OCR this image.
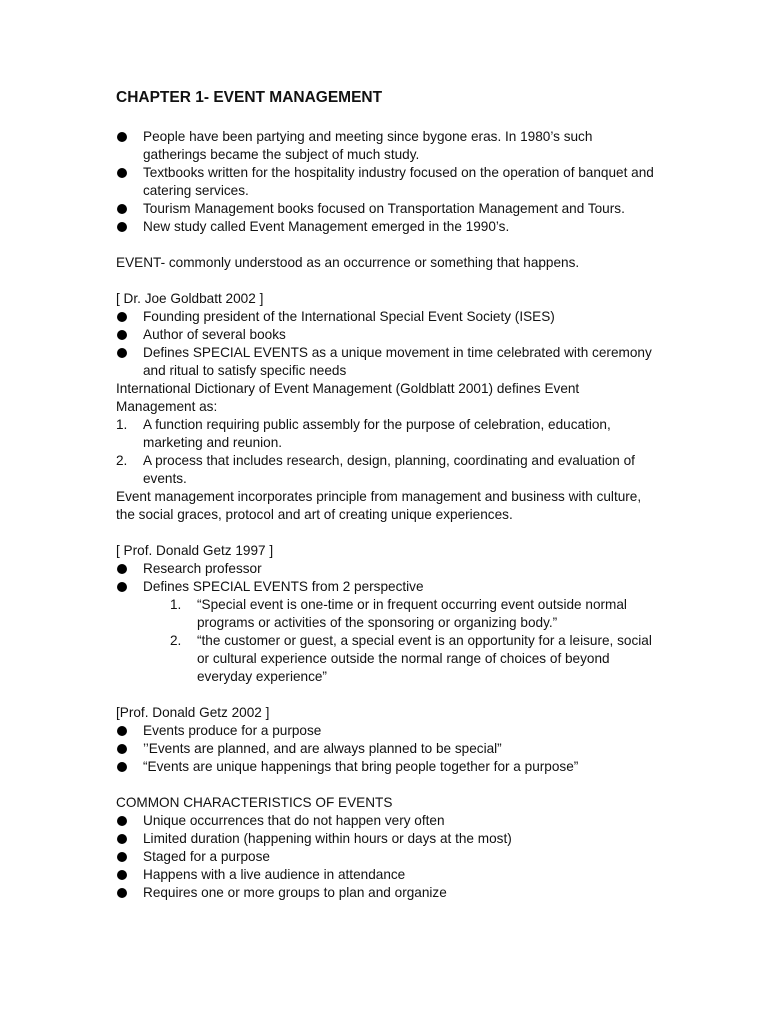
CHAPTER 1- EVENT MANAGEMENT
People have been partying and meeting since bygone eras. In 1980’s such gatherings became the subject of much study.
Textbooks written for the hospitality industry focused on the operation of banquet and catering services.
Tourism Management books focused on Transportation Management and Tours.
New study called Event Management emerged in the 1990’s.

EVENT- commonly understood as an occurrence or something that happens.

[ Dr. Joe Goldbatt 2002 ]

Founding president of the International Special Event Society (ISES)
Author of several books
Defines SPECIAL EVENTS as a unique movement in time celebrated with ceremony and ritual to satisfy specific needs

International Dictionary of Event Management (Goldblatt 2001) defines Event Management as:

1. A function requiring public assembly for the purpose of celebration, education, marketing and reunion.
2. A process that includes research, design, planning, coordinating and evaluation of events.

Event management incorporates principle from management and business with culture, the social graces, protocol and art of creating unique experiences.

[ Prof. Donald Getz 1997 ]

Research professor
Defines SPECIAL EVENTS from 2 perspective
1. “Special event is one-time or in frequent occurring event outside normal programs or activities of the sponsoring or organizing body.”
2. “the customer or guest, a special event is an opportunity for a leisure, social or cultural experience outside the normal range of choices of beyond everyday experience”

[Prof. Donald Getz 2002 ]

Events produce for a purpose
’’Events are planned, and are always planned to be special”
“Events are unique happenings that bring people together for a purpose”

COMMON CHARACTERISTICS OF EVENTS

Unique occurrences that do not happen very often
Limited duration (happening within hours or days at the most)
Staged for a purpose
Happens with a live audience in attendance
Requires one or more groups to plan and organize
